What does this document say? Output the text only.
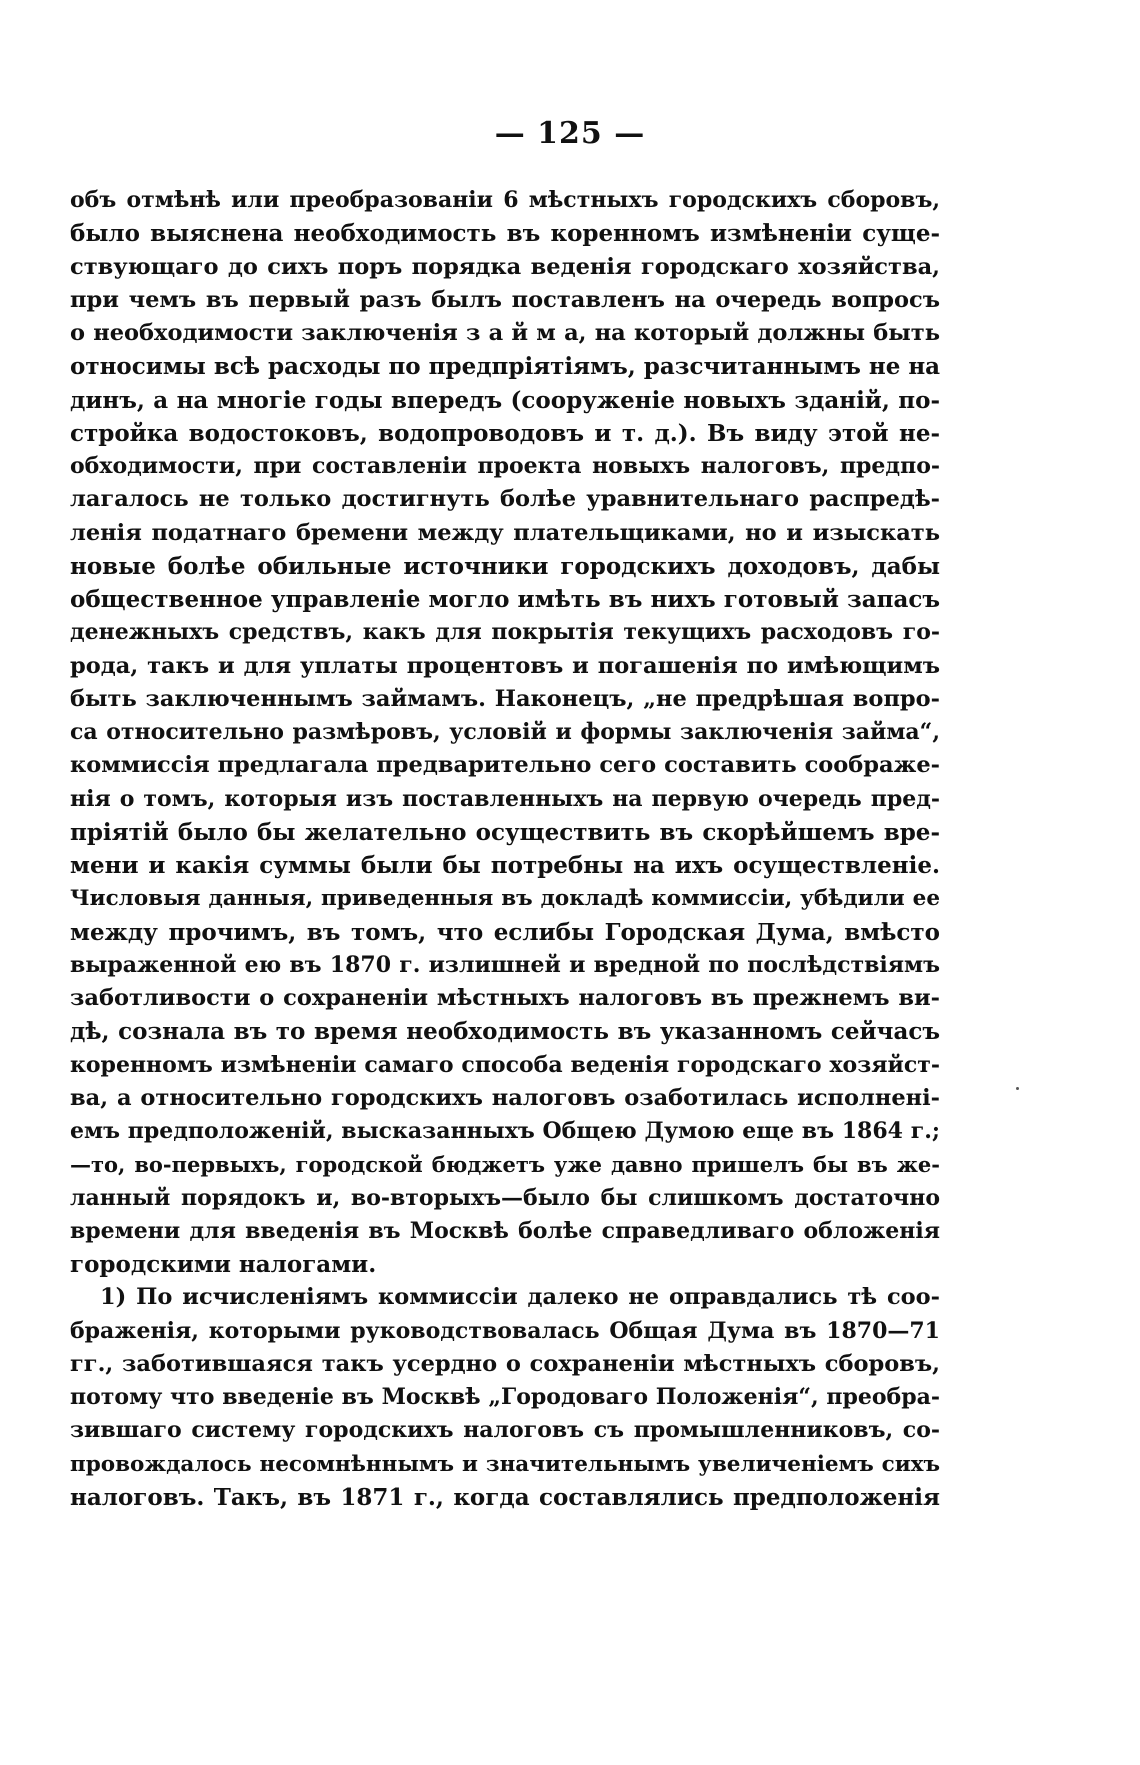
— 125 —
объ отмѣнѣ или преобразованіи 6 мѣстныхъ городскихъ сборовъ,
было выяснена необходимость въ коренномъ измѣненіи суще-
ствующаго до сихъ поръ порядка веденія городскаго хозяйства,
при чемъ въ первый разъ былъ поставленъ на очередь вопросъ
о необходимости заключенія з а й м а, на который должны быть
относимы всѣ расходы по предпріятіямъ, разсчитаннымъ не на
динъ, а на многіе годы впередъ (сооруженіе новыхъ зданій, по-
стройка водостоковъ, водопроводовъ и т. д.). Въ виду этой не-
обходимости, при составленіи проекта новыхъ налоговъ, предпо-
лагалось не только достигнуть болѣе уравнительнаго распредѣ-
ленія податнаго бремени между плательщиками, но и изыскать
новые болѣе обильные источники городскихъ доходовъ, дабы
общественное управленіе могло имѣть въ нихъ готовый запасъ
денежныхъ средствъ, какъ для покрытія текущихъ расходовъ го-
рода, такъ и для уплаты процентовъ и погашенія по имѣющимъ
быть заключеннымъ займамъ. Наконецъ, „не предрѣшая вопро-
са относительно размѣровъ, условій и формы заключенія займа“,
коммиссія предлагала предварительно сего составить соображе-
нія о томъ, которыя изъ поставленныхъ на первую очередь пред-
пріятій было бы желательно осуществить въ скорѣйшемъ вре-
мени и какія суммы были бы потребны на ихъ осуществленіе.
Числовыя данныя, приведенныя въ докладѣ коммиссіи, убѣдили ее
между прочимъ, въ томъ, что еслибы Городская Дума, вмѣсто
выраженной ею въ 1870 г. излишней и вредной по послѣдствіямъ
заботливости о сохраненіи мѣстныхъ налоговъ въ прежнемъ ви-
дѣ, сознала въ то время необходимость въ указанномъ сейчасъ
коренномъ измѣненіи самаго способа веденія городскаго хозяйст-
ва, а относительно городскихъ налоговъ озаботилась исполнені-
емъ предположеній, высказанныхъ Общею Думою еще въ 1864 г.;
—то, во-первыхъ, городской бюджетъ уже давно пришелъ бы въ же-
ланный порядокъ и, во-вторыхъ—было бы слишкомъ достаточно
времени для введенія въ Москвѣ болѣе справедливаго обложенія
городскими налогами.
1) По исчисленіямъ коммиссіи далеко не оправдались тѣ соо-
браженія, которыми руководствовалась Общая Дума въ 1870—71
гг., заботившаяся такъ усердно о сохраненіи мѣстныхъ сборовъ,
потому что введеніе въ Москвѣ „Городоваго Положенія“, преобра-
зившаго систему городскихъ налоговъ съ промышленниковъ, со-
провождалось несомнѣннымъ и значительнымъ увеличеніемъ сихъ
налоговъ. Такъ, въ 1871 г., когда составлялись предположенія
